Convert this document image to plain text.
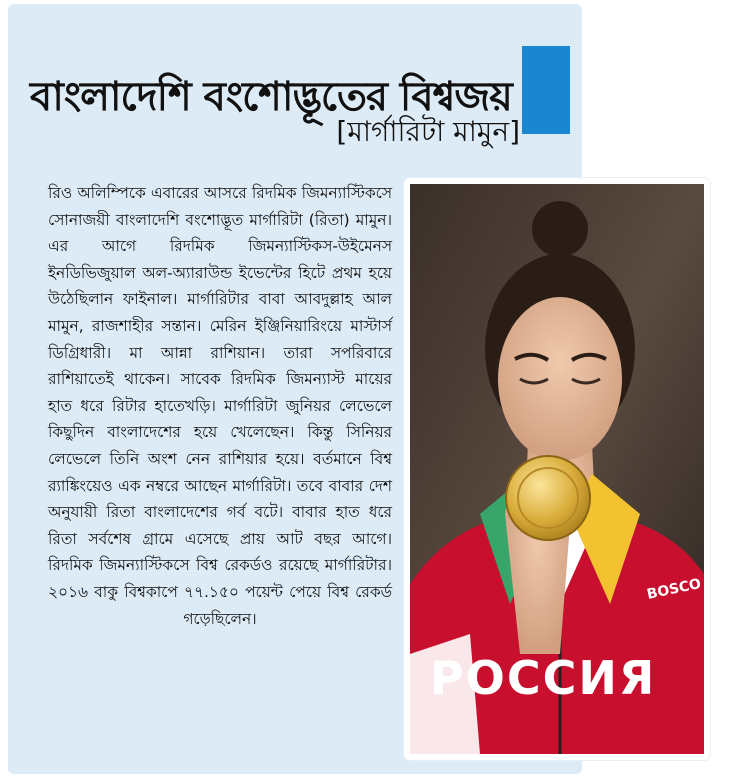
বাংলাদেশি বংশোদ্ভূতের বিশ্বজয়
[মার্গারিটা মামুন]

রিও অলিম্পিকে এবারের আসরে রিদমিক জিমন্যাস্টিকসে সোনাজয়ী বাংলাদেশি বংশোদ্ভূত মার্গারিটা (রিতা) মামুন। এর আগে রিদমিক জিমন্যাস্টিকস-উইমেনস ইনডিভিজুয়াল অল-অ্যারাউন্ড ইভেন্টের হিটে প্রথম হয়ে উঠেছিলান ফাইনাল। মার্গারিটার বাবা আবদুল্লাহ আল মামুন, রাজশাহীর সন্তান। মেরিন ইঞ্জিনিয়ারিংয়ে মাস্টার্স ডিগ্রিধারী। মা আন্না রাশিয়ান। তারা সপরিবারে রাশিয়াতেই থাকেন। সাবেক রিদমিক জিমন্যাস্ট মায়ের হাত ধরে রিটার হাতেখড়ি। মার্গারিটা জুনিয়র লেভেলে কিছুদিন বাংলাদেশের হয়ে খেলেছেন। কিন্তু সিনিয়র লেভেলে তিনি অংশ নেন রাশিয়ার হয়ে। বর্তমানে বিশ্ব র‍্যাঙ্কিংয়েও এক নম্বরে আছেন মার্গারিটা। তবে বাবার দেশ অনুযায়ী রিতা বাংলাদেশের গর্ব বটে। বাবার হাত ধরে রিতা সর্বশেষ গ্রামে এসেছে প্রায় আট বছর আগে। রিদমিক জিমন্যাস্টিকসে বিশ্ব রেকর্ডও রয়েছে মার্গারিটার। ২০১৬ বাকু বিশ্বকাপে ৭৭.১৫০ পয়েন্ট পেয়ে বিশ্ব রেকর্ড গড়েছিলেন।

РОССИЯ
BOSCO
